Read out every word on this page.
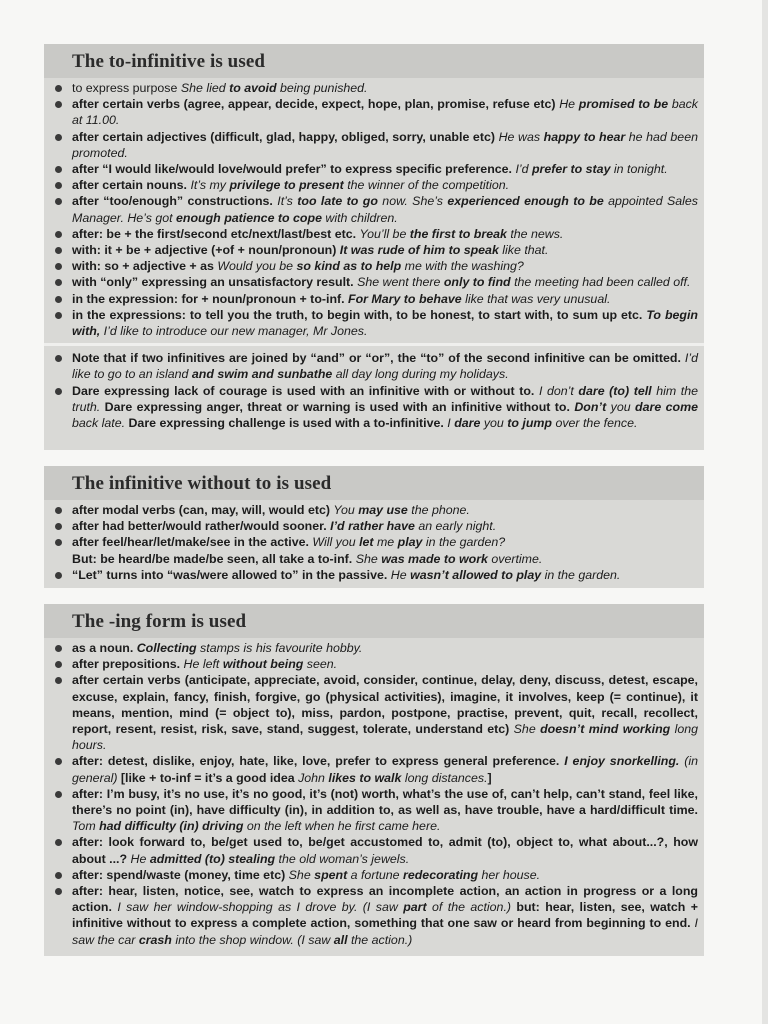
The to-infinitive is used
to express purpose She lied to avoid being punished.
after certain verbs (agree, appear, decide, expect, hope, plan, promise, refuse etc) He promised to be back at 11.00.
after certain adjectives (difficult, glad, happy, obliged, sorry, unable etc) He was happy to hear he had been promoted.
after “I would like/would love/would prefer” to express specific preference. I’d prefer to stay in tonight.
after certain nouns. It’s my privilege to present the winner of the competition.
after “too/enough” constructions. It’s too late to go now. She’s experienced enough to be appointed Sales Manager. He’s got enough patience to cope with children.
after: be + the first/second etc/next/last/best etc. You’ll be the first to break the news.
with: it + be + adjective (+of + noun/pronoun) It was rude of him to speak like that.
with: so + adjective + as Would you be so kind as to help me with the washing?
with “only” expressing an unsatisfactory result. She went there only to find the meeting had been called off.
in the expression: for + noun/pronoun + to-inf. For Mary to behave like that was very unusual.
in the expressions: to tell you the truth, to begin with, to be honest, to start with, to sum up etc. To begin with, I’d like to introduce our new manager, Mr Jones.
Note that if two infinitives are joined by “and” or “or”, the “to” of the second infinitive can be omitted. I’d like to go to an island and swim and sunbathe all day long during my holidays.
Dare expressing lack of courage is used with an infinitive with or without to. I don’t dare (to) tell him the truth. Dare expressing anger, threat or warning is used with an infinitive without to. Don’t you dare come back late. Dare expressing challenge is used with a to-infinitive. I dare you to jump over the fence.
The infinitive without to is used
after modal verbs (can, may, will, would etc) You may use the phone.
after had better/would rather/would sooner. I’d rather have an early night.
after feel/hear/let/make/see in the active. Will you let me play in the garden?
But: be heard/be made/be seen, all take a to-inf. She was made to work overtime.
“Let” turns into “was/were allowed to” in the passive. He wasn’t allowed to play in the garden.
The -ing form is used
as a noun. Collecting stamps is his favourite hobby.
after prepositions. He left without being seen.
after certain verbs (anticipate, appreciate, avoid, consider, continue, delay, deny, discuss, detest, escape, excuse, explain, fancy, finish, forgive, go (physical activities), imagine, it involves, keep (= continue), it means, mention, mind (= object to), miss, pardon, postpone, practise, prevent, quit, recall, recollect, report, resent, resist, risk, save, stand, suggest, tolerate, understand etc) She doesn’t mind working long hours.
after: detest, dislike, enjoy, hate, like, love, prefer to express general preference. I enjoy snorkelling. (in general) [like + to-inf = it’s a good idea John likes to walk long distances.]
after: I’m busy, it’s no use, it’s no good, it’s (not) worth, what’s the use of, can’t help, can’t stand, feel like, there’s no point (in), have difficulty (in), in addition to, as well as, have trouble, have a hard/difficult time. Tom had difficulty (in) driving on the left when he first came here.
after: look forward to, be/get used to, be/get accustomed to, admit (to), object to, what about...?, how about ...? He admitted (to) stealing the old woman’s jewels.
after: spend/waste (money, time etc) She spent a fortune redecorating her house.
after: hear, listen, notice, see, watch to express an incomplete action, an action in progress or a long action. I saw her window-shopping as I drove by. (I saw part of the action.) but: hear, listen, see, watch + infinitive without to express a complete action, something that one saw or heard from beginning to end. I saw the car crash into the shop window. (I saw all the action.)
